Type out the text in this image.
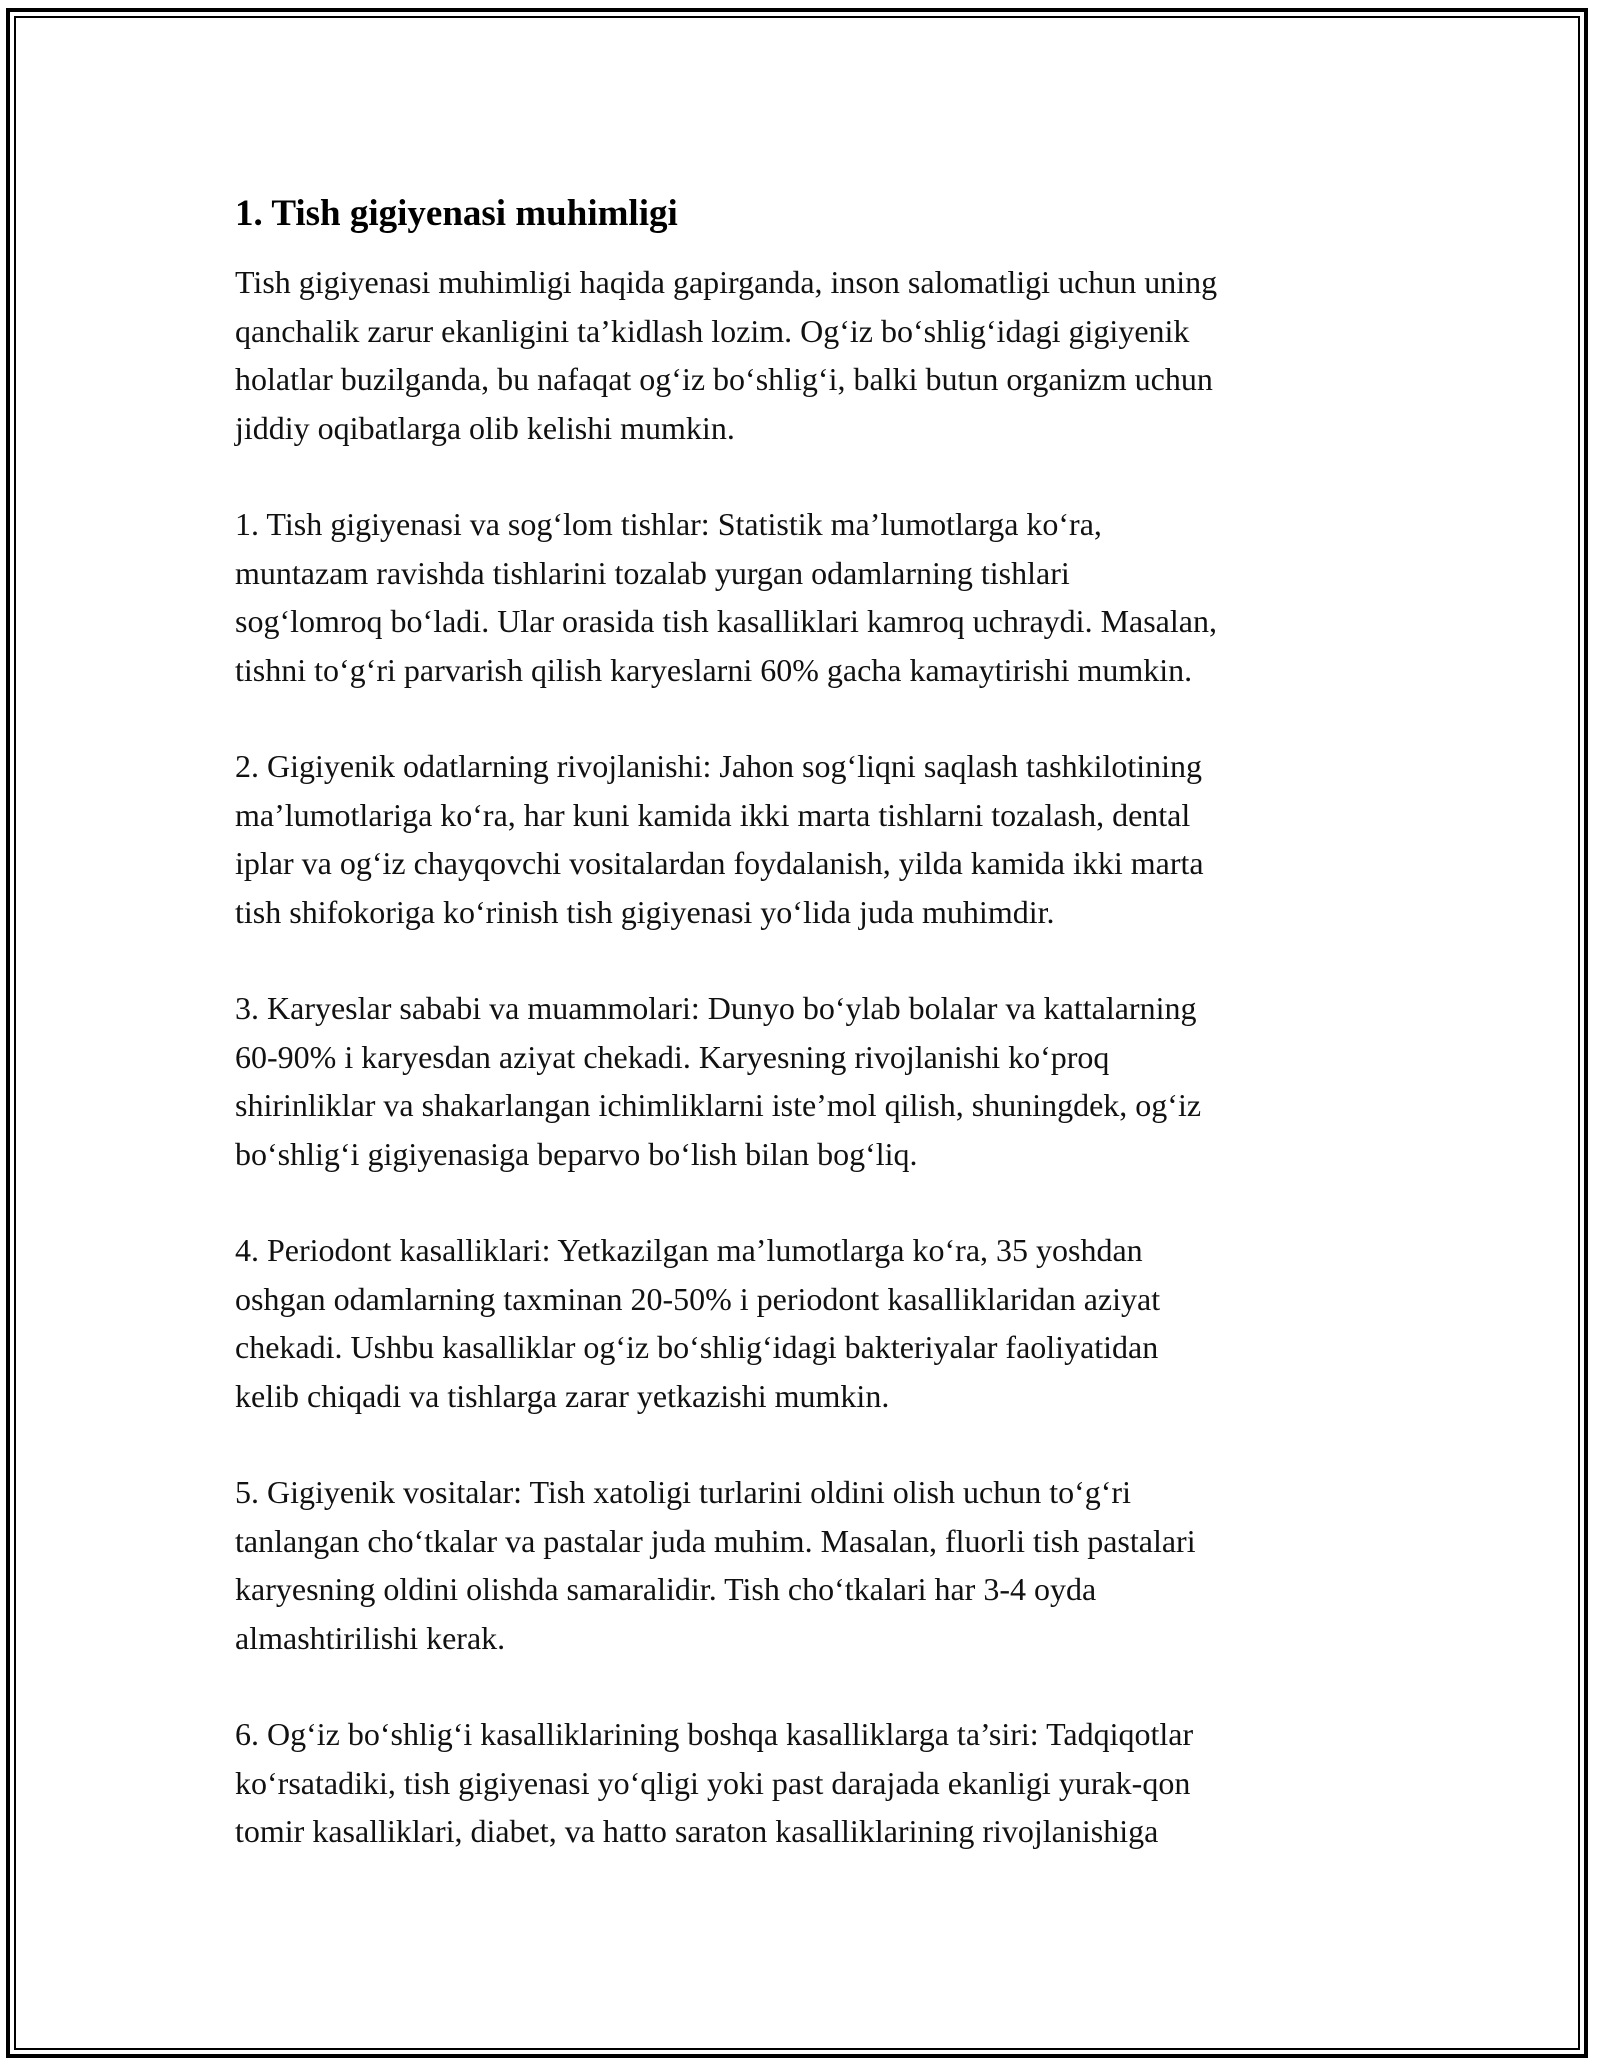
1. Tish gigiyenasi muhimligi

Tish gigiyenasi muhimligi haqida gapirganda, inson salomatligi uchun uning
qanchalik zarur ekanligini ta’kidlash lozim. Og‘iz bo‘shlig‘idagi gigiyenik
holatlar buzilganda, bu nafaqat og‘iz bo‘shlig‘i, balki butun organizm uchun
jiddiy oqibatlarga olib kelishi mumkin.

1. Tish gigiyenasi va sog‘lom tishlar: Statistik ma’lumotlarga ko‘ra,
muntazam ravishda tishlarini tozalab yurgan odamlarning tishlari
sog‘lomroq bo‘ladi. Ular orasida tish kasalliklari kamroq uchraydi. Masalan,
tishni to‘g‘ri parvarish qilish karyeslarni 60% gacha kamaytirishi mumkin.

2. Gigiyenik odatlarning rivojlanishi: Jahon sog‘liqni saqlash tashkilotining
ma’lumotlariga ko‘ra, har kuni kamida ikki marta tishlarni tozalash, dental
iplar va og‘iz chayqovchi vositalardan foydalanish, yilda kamida ikki marta
tish shifokoriga ko‘rinish tish gigiyenasi yo‘lida juda muhimdir.

3. Karyeslar sababi va muammolari: Dunyo bo‘ylab bolalar va kattalarning
60-90% i karyesdan aziyat chekadi. Karyesning rivojlanishi ko‘proq
shirinliklar va shakarlangan ichimliklarni iste’mol qilish, shuningdek, og‘iz
bo‘shlig‘i gigiyenasiga beparvo bo‘lish bilan bog‘liq.

4. Periodont kasalliklari: Yetkazilgan ma’lumotlarga ko‘ra, 35 yoshdan
oshgan odamlarning taxminan 20-50% i periodont kasalliklaridan aziyat
chekadi. Ushbu kasalliklar og‘iz bo‘shlig‘idagi bakteriyalar faoliyatidan
kelib chiqadi va tishlarga zarar yetkazishi mumkin.

5. Gigiyenik vositalar: Tish xatoligi turlarini oldini olish uchun to‘g‘ri
tanlangan cho‘tkalar va pastalar juda muhim. Masalan, fluorli tish pastalari
karyesning oldini olishda samaralidir. Tish cho‘tkalari har 3-4 oyda
almashtirilishi kerak.

6. Og‘iz bo‘shlig‘i kasalliklarining boshqa kasalliklarga ta’siri: Tadqiqotlar
ko‘rsatadiki, tish gigiyenasi yo‘qligi yoki past darajada ekanligi yurak-qon
tomir kasalliklari, diabet, va hatto saraton kasalliklarining rivojlanishiga
